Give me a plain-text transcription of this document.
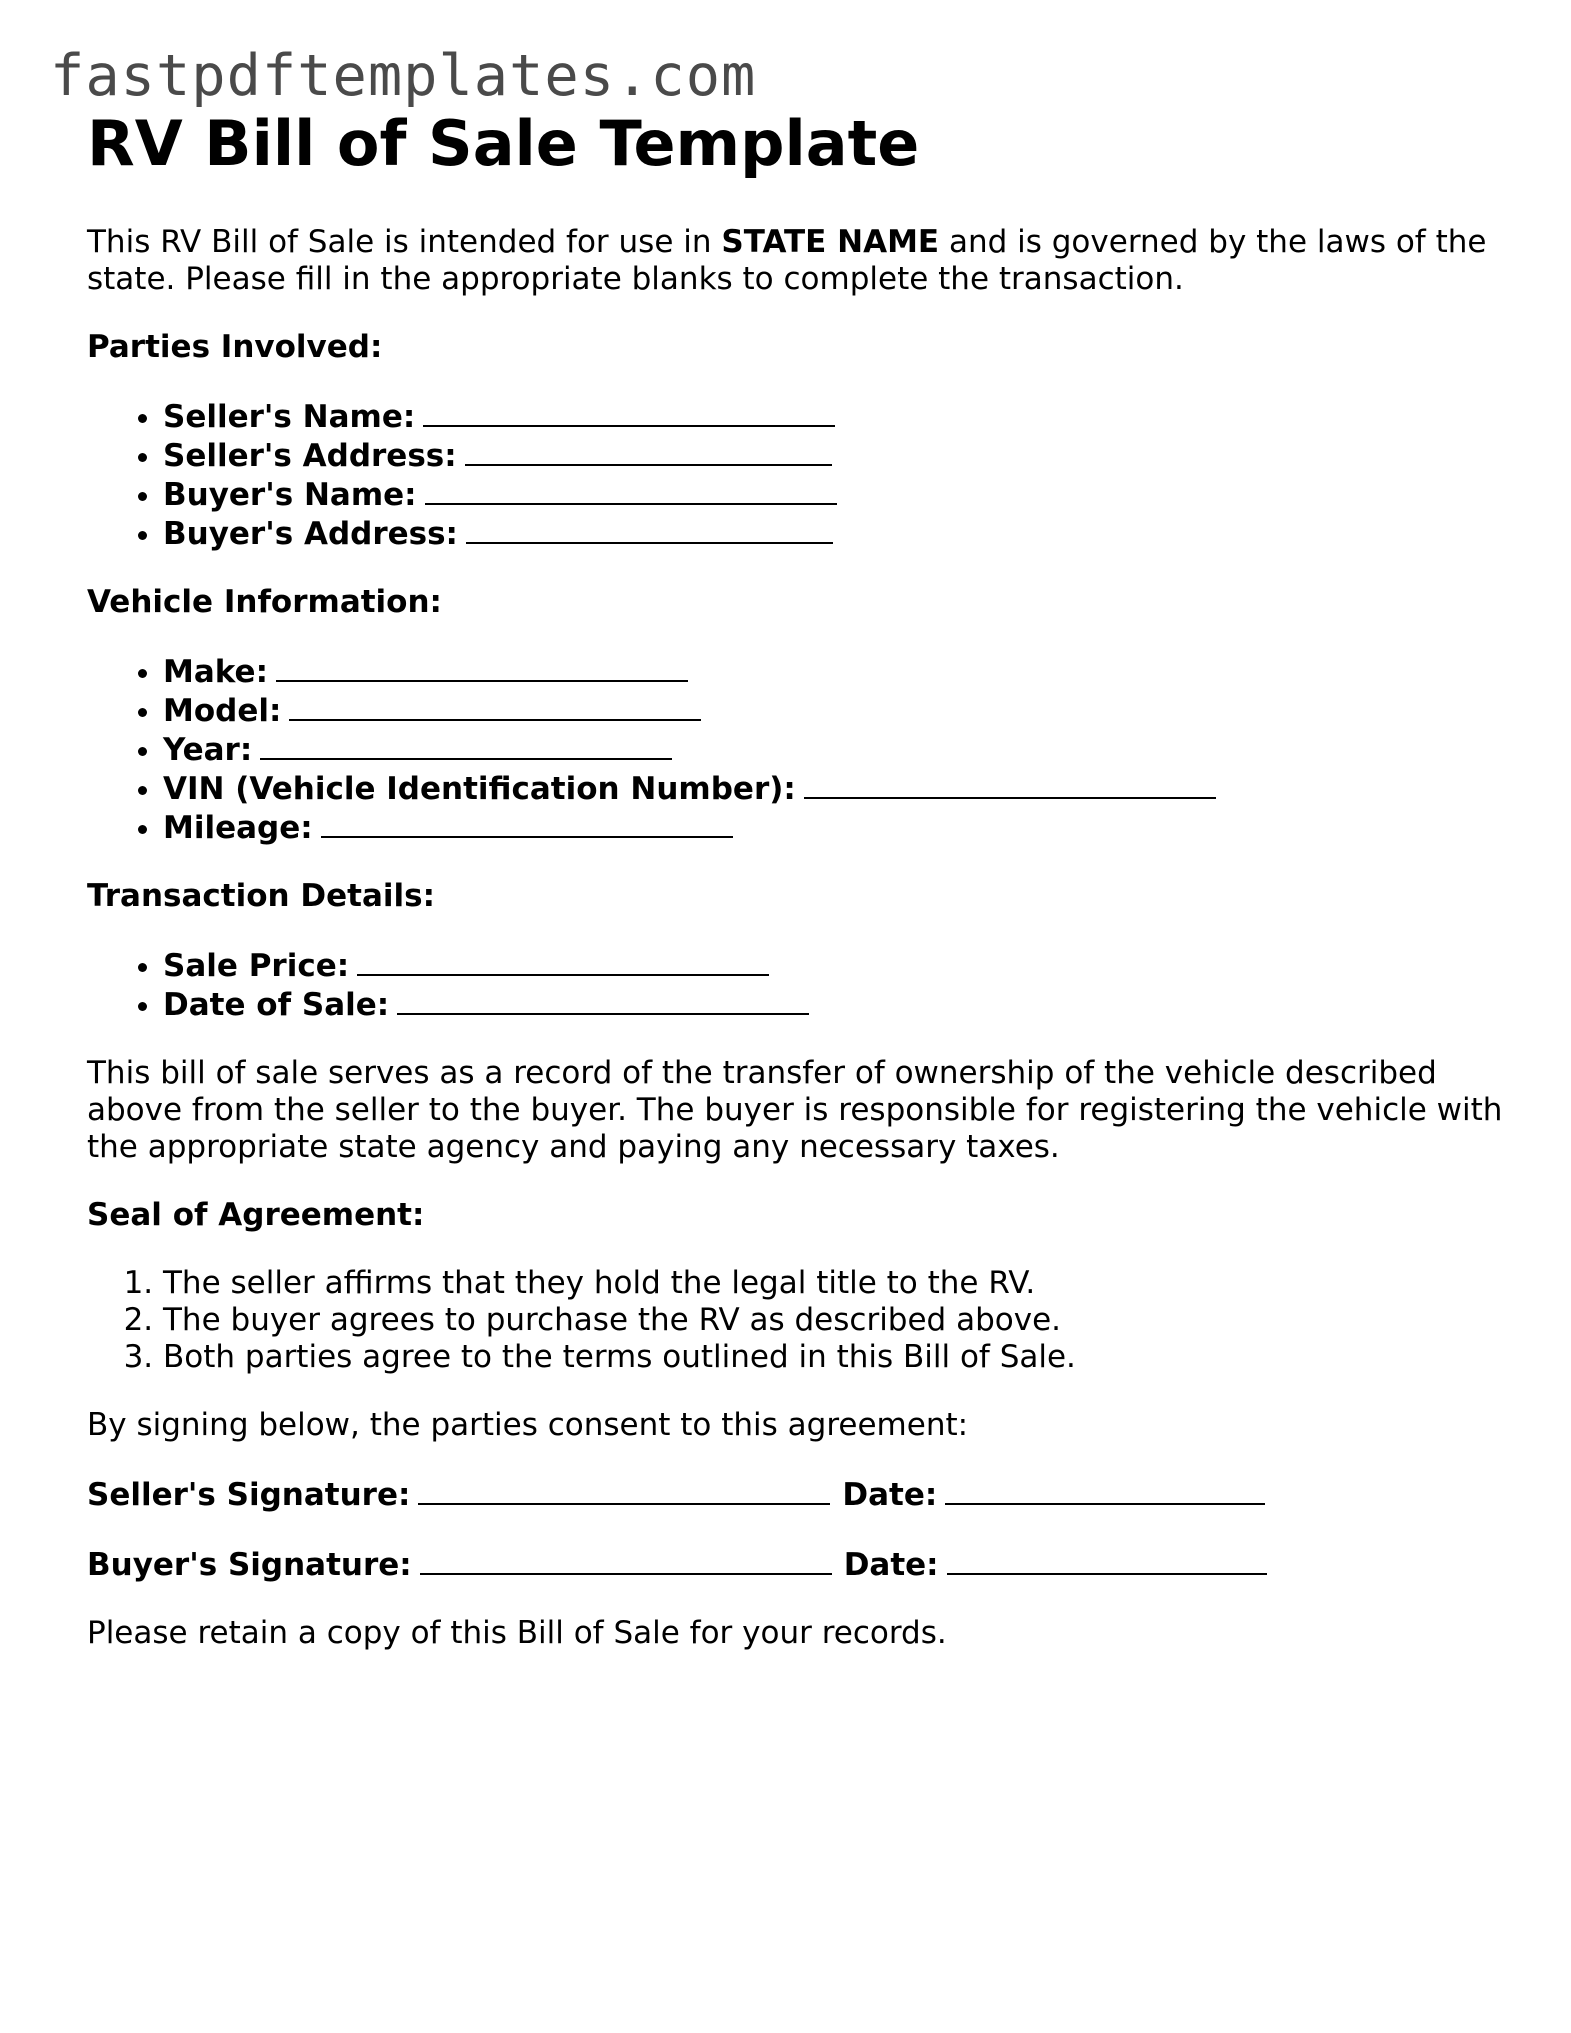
fastpdftemplates.com
RV Bill of Sale Template

This RV Bill of Sale is intended for use in STATE NAME and is governed by the laws of the state. Please fill in the appropriate blanks to complete the transaction.

Parties Involved:
• Seller's Name:
• Seller's Address:
• Buyer's Name:
• Buyer's Address:
Vehicle Information:
• Make:
• Model:
• Year:
• VIN (Vehicle Identification Number):
• Mileage:
Transaction Details:
• Sale Price:
• Date of Sale:

This bill of sale serves as a record of the transfer of ownership of the vehicle described above from the seller to the buyer. The buyer is responsible for registering the vehicle with the appropriate state agency and paying any necessary taxes.

Seal of Agreement:
1. The seller affirms that they hold the legal title to the RV.
2. The buyer agrees to purchase the RV as described above.
3. Both parties agree to the terms outlined in this Bill of Sale.

By signing below, the parties consent to this agreement:

Seller's Signature:	Date:
Buyer's Signature:	Date:

Please retain a copy of this Bill of Sale for your records.
